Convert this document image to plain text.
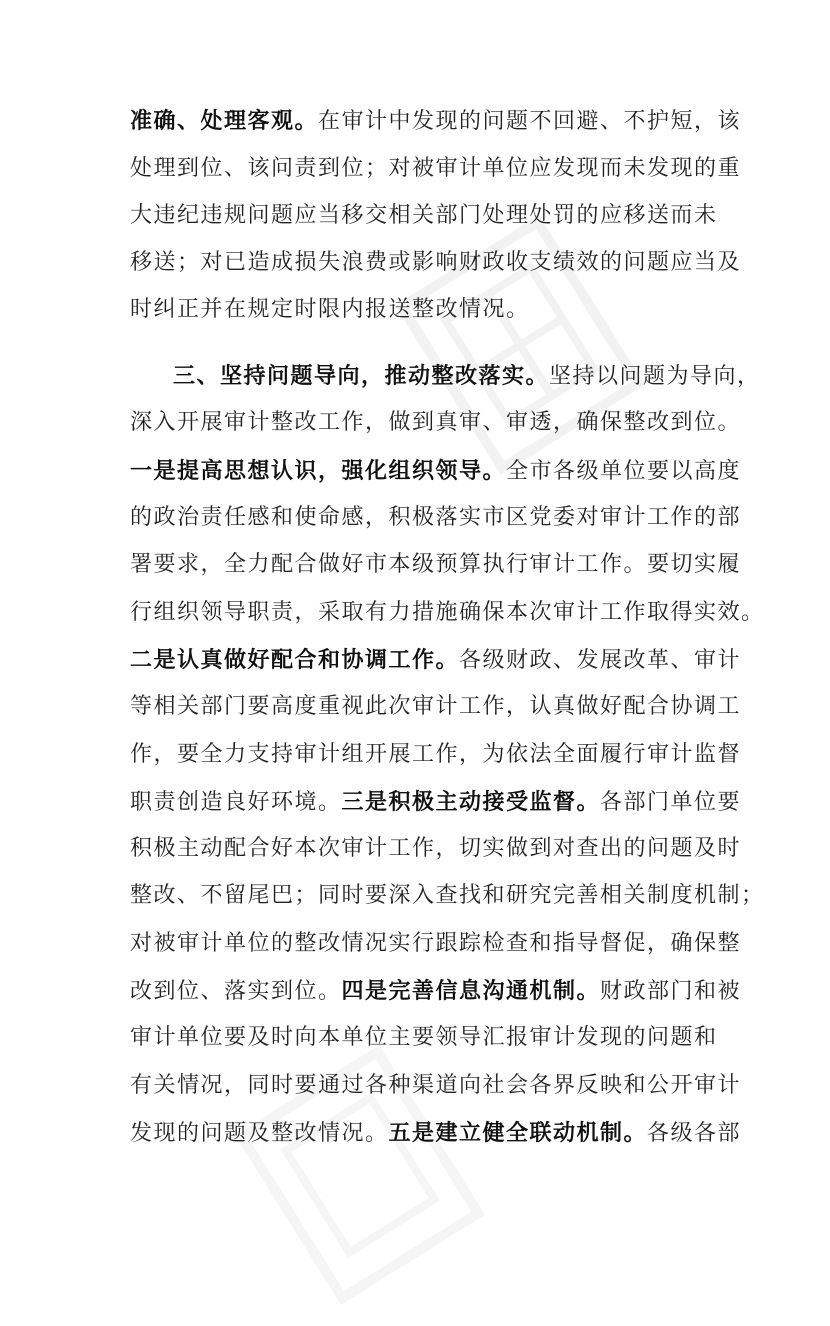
准确、处理客观。在审计中发现的问题不回避、不护短，该
处理到位、该问责到位；对被审计单位应发现而未发现的重
大违纪违规问题应当移交相关部门处理处罚的应移送而未
移送；对已造成损失浪费或影响财政收支绩效的问题应当及
时纠正并在规定时限内报送整改情况。
三、坚持问题导向，推动整改落实。坚持以问题为导向，
深入开展审计整改工作，做到真审、审透，确保整改到位。
一是提高思想认识，强化组织领导。全市各级单位要以高度
的政治责任感和使命感，积极落实市区党委对审计工作的部
署要求，全力配合做好市本级预算执行审计工作。要切实履
行组织领导职责，采取有力措施确保本次审计工作取得实效。
二是认真做好配合和协调工作。各级财政、发展改革、审计
等相关部门要高度重视此次审计工作，认真做好配合协调工
作，要全力支持审计组开展工作，为依法全面履行审计监督
职责创造良好环境。三是积极主动接受监督。各部门单位要
积极主动配合好本次审计工作，切实做到对查出的问题及时
整改、不留尾巴；同时要深入查找和研究完善相关制度机制；
对被审计单位的整改情况实行跟踪检查和指导督促，确保整
改到位、落实到位。四是完善信息沟通机制。财政部门和被
审计单位要及时向本单位主要领导汇报审计发现的问题和
有关情况，同时要通过各种渠道向社会各界反映和公开审计
发现的问题及整改情况。五是建立健全联动机制。各级各部
